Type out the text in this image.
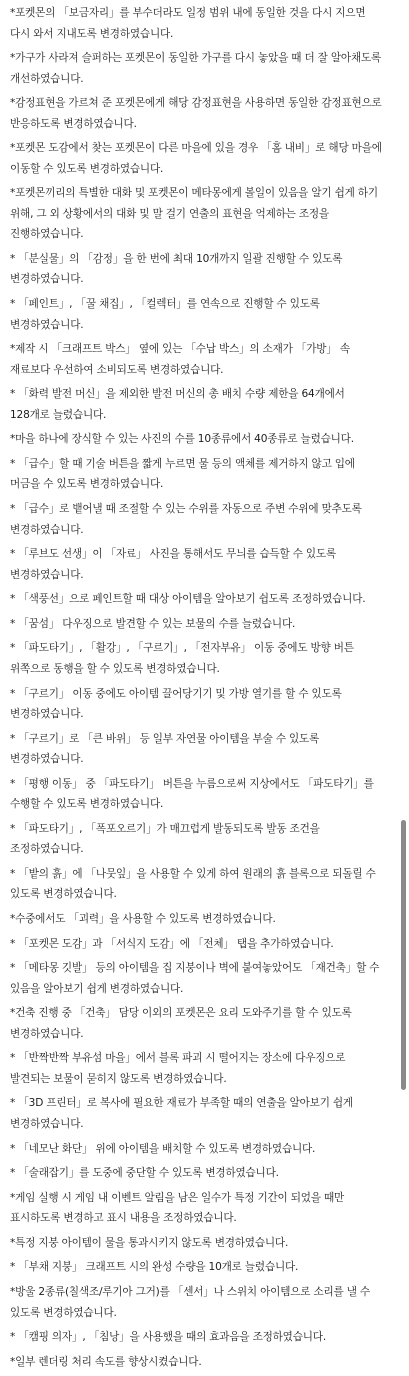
*포켓몬의 「보금자리」를 부수더라도 일정 범위 내에 동일한 것을 다시 지으면
다시 와서 지내도록 변경하였습니다.
*가구가 사라져 슬퍼하는 포켓몬이 동일한 가구를 다시 놓았을 때 더 잘 알아채도록
개선하였습니다.
*감정표현을 가르쳐 준 포켓몬에게 해당 감정표현을 사용하면 동일한 감정표현으로
반응하도록 변경하였습니다.
*포켓몬 도감에서 찾는 포켓몬이 다른 마을에 있을 경우 「홈 내비」로 해당 마을에
이동할 수 있도록 변경하였습니다.
*포켓몬끼리의 특별한 대화 및 포켓몬이 메타몽에게 볼일이 있음을 알기 쉽게 하기
위해, 그 외 상황에서의 대화 및 말 걸기 연출의 표현을 억제하는 조정을
진행하였습니다.
* 「분실물」의 「감정」을 한 번에 최대 10개까지 일괄 진행할 수 있도록
변경하였습니다.
* 「페인트」, 「꿀 채집」, 「컬렉터」를 연속으로 진행할 수 있도록
변경하였습니다.
*제작 시 「크래프트 박스」 옆에 있는 「수납 박스」의 소재가 「가방」 속
재료보다 우선하여 소비되도록 변경하였습니다.
* 「화력 발전 머신」을 제외한 발전 머신의 총 배치 수량 제한을 64개에서
128개로 늘렸습니다.
*마을 하나에 장식할 수 있는 사진의 수를 10종류에서 40종류로 늘렸습니다.
* 「급수」할 때 기술 버튼을 짧게 누르면 물 등의 액체를 제거하지 않고 입에
머금을 수 있도록 변경하였습니다.
* 「급수」로 뱉어낼 때 조절할 수 있는 수위를 자동으로 주변 수위에 맞추도록
변경하였습니다.
* 「루브도 선생」이 「자료」 사진을 통해서도 무늬를 습득할 수 있도록
변경하였습니다.
* 「색풍선」으로 페인트할 때 대상 아이템을 알아보기 쉽도록 조정하였습니다.
* 「꿈섬」 다우징으로 발견할 수 있는 보물의 수를 늘렸습니다.
* 「파도타기」, 「활강」, 「구르기」, 「전자부유」 이동 중에도 방향 버튼
위쪽으로 동행을 할 수 있도록 변경하였습니다.
* 「구르기」 이동 중에도 아이템 끌어당기기 및 가방 열기를 할 수 있도록
변경하였습니다.
* 「구르기」로 「큰 바위」 등 일부 자연물 아이템을 부술 수 있도록
변경하였습니다.
* 「평행 이동」 중 「파도타기」 버튼을 누름으로써 지상에서도 「파도타기」를
수행할 수 있도록 변경하였습니다.
* 「파도타기」, 「폭포오르기」가 매끄럽게 발동되도록 발동 조건을
조정하였습니다.
* 「밭의 흙」에 「나뭇잎」을 사용할 수 있게 하여 원래의 흙 블록으로 되돌릴 수
있도록 변경하였습니다.
*수중에서도 「괴력」을 사용할 수 있도록 변경하였습니다.
* 「포켓몬 도감」과 「서식지 도감」에 「전체」 탭을 추가하였습니다.
* 「메타몽 깃발」 등의 아이템을 집 지붕이나 벽에 붙여놓았어도 「재건축」할 수
있음을 알아보기 쉽게 변경하였습니다.
*건축 진행 중 「건축」 담당 이외의 포켓몬은 요리 도와주기를 할 수 있도록
변경하였습니다.
* 「반짝반짝 부유섬 마을」에서 블록 파괴 시 떨어지는 장소에 다우징으로
발견되는 보물이 묻히지 않도록 변경하였습니다.
* 「3D 프린터」로 복사에 필요한 재료가 부족할 때의 연출을 알아보기 쉽게
변경하였습니다.
* 「네모난 화단」 위에 아이템을 배치할 수 있도록 변경하였습니다.
* 「술래잡기」를 도중에 중단할 수 있도록 변경하였습니다.
*게임 실행 시 게임 내 이벤트 알림을 남은 일수가 특정 기간이 되었을 때만
표시하도록 변경하고 표시 내용을 조정하였습니다.
*특정 지붕 아이템이 물을 통과시키지 않도록 변경하였습니다.
* 「부채 지붕」 크래프트 시의 완성 수량을 10개로 늘렸습니다.
*방울 2종류(칠색조/루기아 그거)를 「센서」나 스위치 아이템으로 소리를 낼 수
있도록 변경하였습니다.
* 「캠핑 의자」, 「침낭」을 사용했을 때의 효과음을 조정하였습니다.
*일부 렌더링 처리 속도를 향상시켰습니다.
